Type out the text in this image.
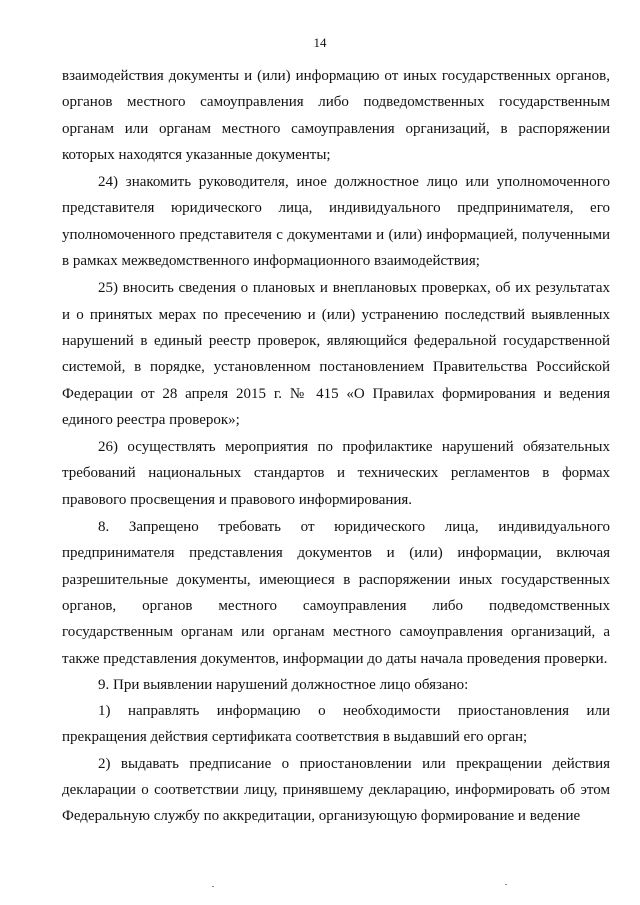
14

взаимодействия документы и (или) информацию от иных государственных органов, органов местного самоуправления либо подведомственных государственным органам или органам местного самоуправления организаций, в распоряжении которых находятся указанные документы;

24) знакомить руководителя, иное должностное лицо или уполномоченного представителя юридического лица, индивидуального предпринимателя, его уполномоченного представителя с документами и (или) информацией, полученными в рамках межведомственного информационного взаимодействия;

25) вносить сведения о плановых и внеплановых проверках, об их результатах и о принятых мерах по пресечению и (или) устранению последствий выявленных нарушений в единый реестр проверок, являющийся федеральной государственной системой, в порядке, установленном постановлением Правительства Российской Федерации от 28 апреля 2015 г. № 415 «О Правилах формирования и ведения единого реестра проверок»;

26) осуществлять мероприятия по профилактике нарушений обязательных требований национальных стандартов и технических регламентов в формах правового просвещения и правового информирования.

8. Запрещено требовать от юридического лица, индивидуального предпринимателя представления документов и (или) информации, включая разрешительные документы, имеющиеся в распоряжении иных государственных органов, органов местного самоуправления либо подведомственных государственным органам или органам местного самоуправления организаций, а также представления документов, информации до даты начала проведения проверки.

9. При выявлении нарушений должностное лицо обязано:

1) направлять информацию о необходимости приостановления или прекращения действия сертификата соответствия в выдавший его орган;

2) выдавать предписание о приостановлении или прекращении действия декларации о соответствии лицу, принявшему декларацию, информировать об этом Федеральную службу по аккредитации, организующую формирование и ведение
